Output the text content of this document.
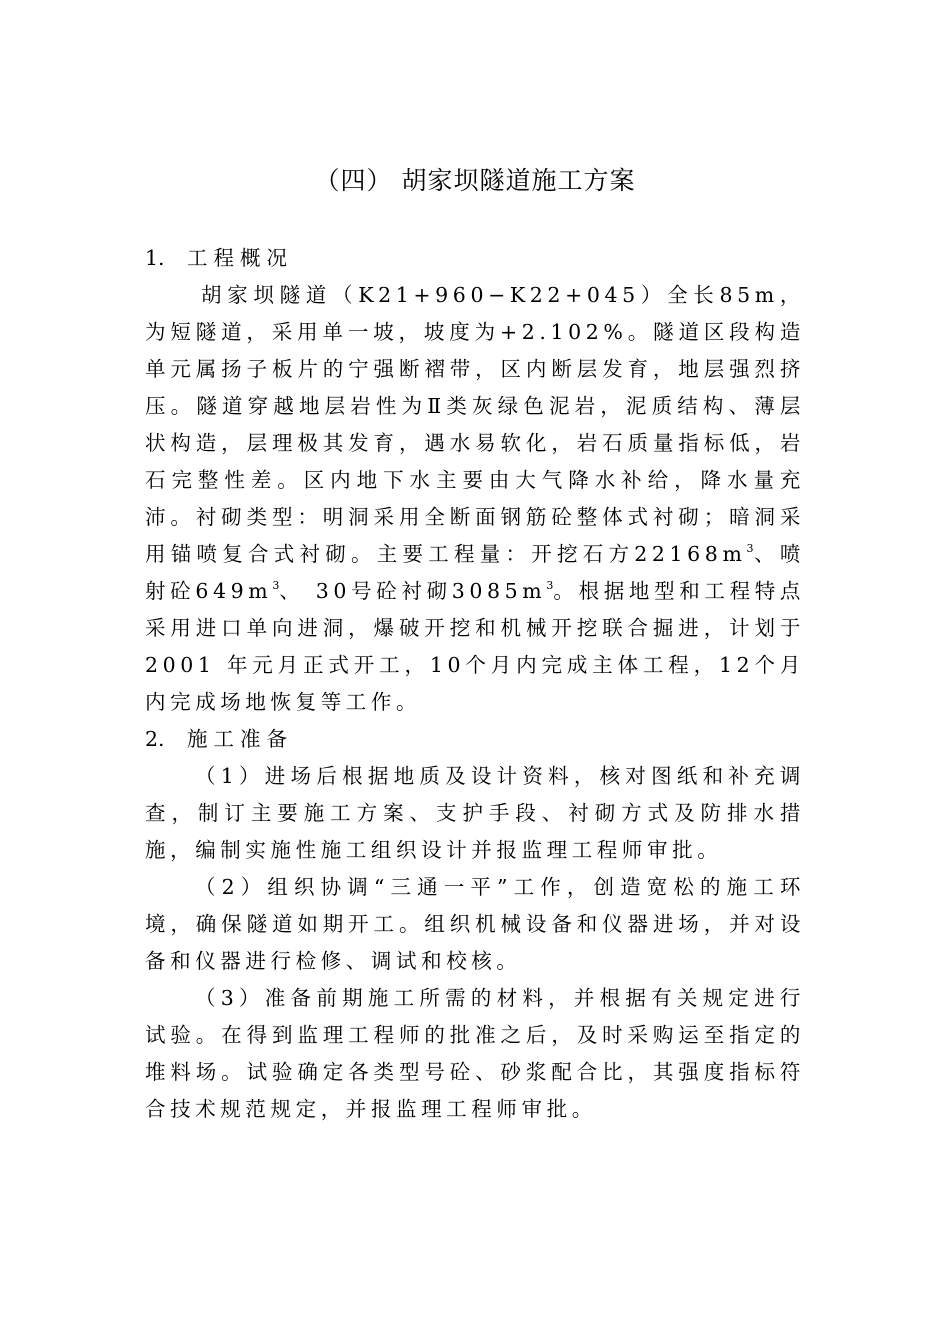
（四） 胡家坝隧道施工方案
1. 工程概况

胡家坝隧道（K21+960−K22+045）全长85m，为短隧道，采用单一坡，坡度为+2.102%。隧道区段构造单元属扬子板片的宁强断褶带，区内断层发育，地层强烈挤压。隧道穿越地层岩性为Ⅱ类灰绿色泥岩，泥质结构、薄层状构造，层理极其发育，遇水易软化，岩石质量指标低，岩石完整性差。区内地下水主要由大气降水补给，降水量充沛。衬砌类型：明洞采用全断面钢筋砼整体式衬砌；暗洞采用锚喷复合式衬砌。主要工程量：开挖石方$22168m^3$、喷射砼$649m^3$、 30号砼衬砌$3085m^3$。根据地型和工程特点采用进口单向进洞，爆破开挖和机械开挖联合掘进，计划于2001 年元月正式开工，10个月内完成主体工程，12个月内完成场地恢复等工作。

2. 施工准备

（1）进场后根据地质及设计资料，核对图纸和补充调查，制订主要施工方案、支护手段、衬砌方式及防排水措施，编制实施性施工组织设计并报监理工程师审批。

（2）组织协调“三通一平”工作，创造宽松的施工环境，确保隧道如期开工。组织机械设备和仪器进场，并对设备和仪器进行检修、调试和校核。

（3）准备前期施工所需的材料，并根据有关规定进行试验。在得到监理工程师的批准之后，及时采购运至指定的堆料场。试验确定各类型号砼、砂浆配合比，其强度指标符合技术规范规定，并报监理工程师审批。
